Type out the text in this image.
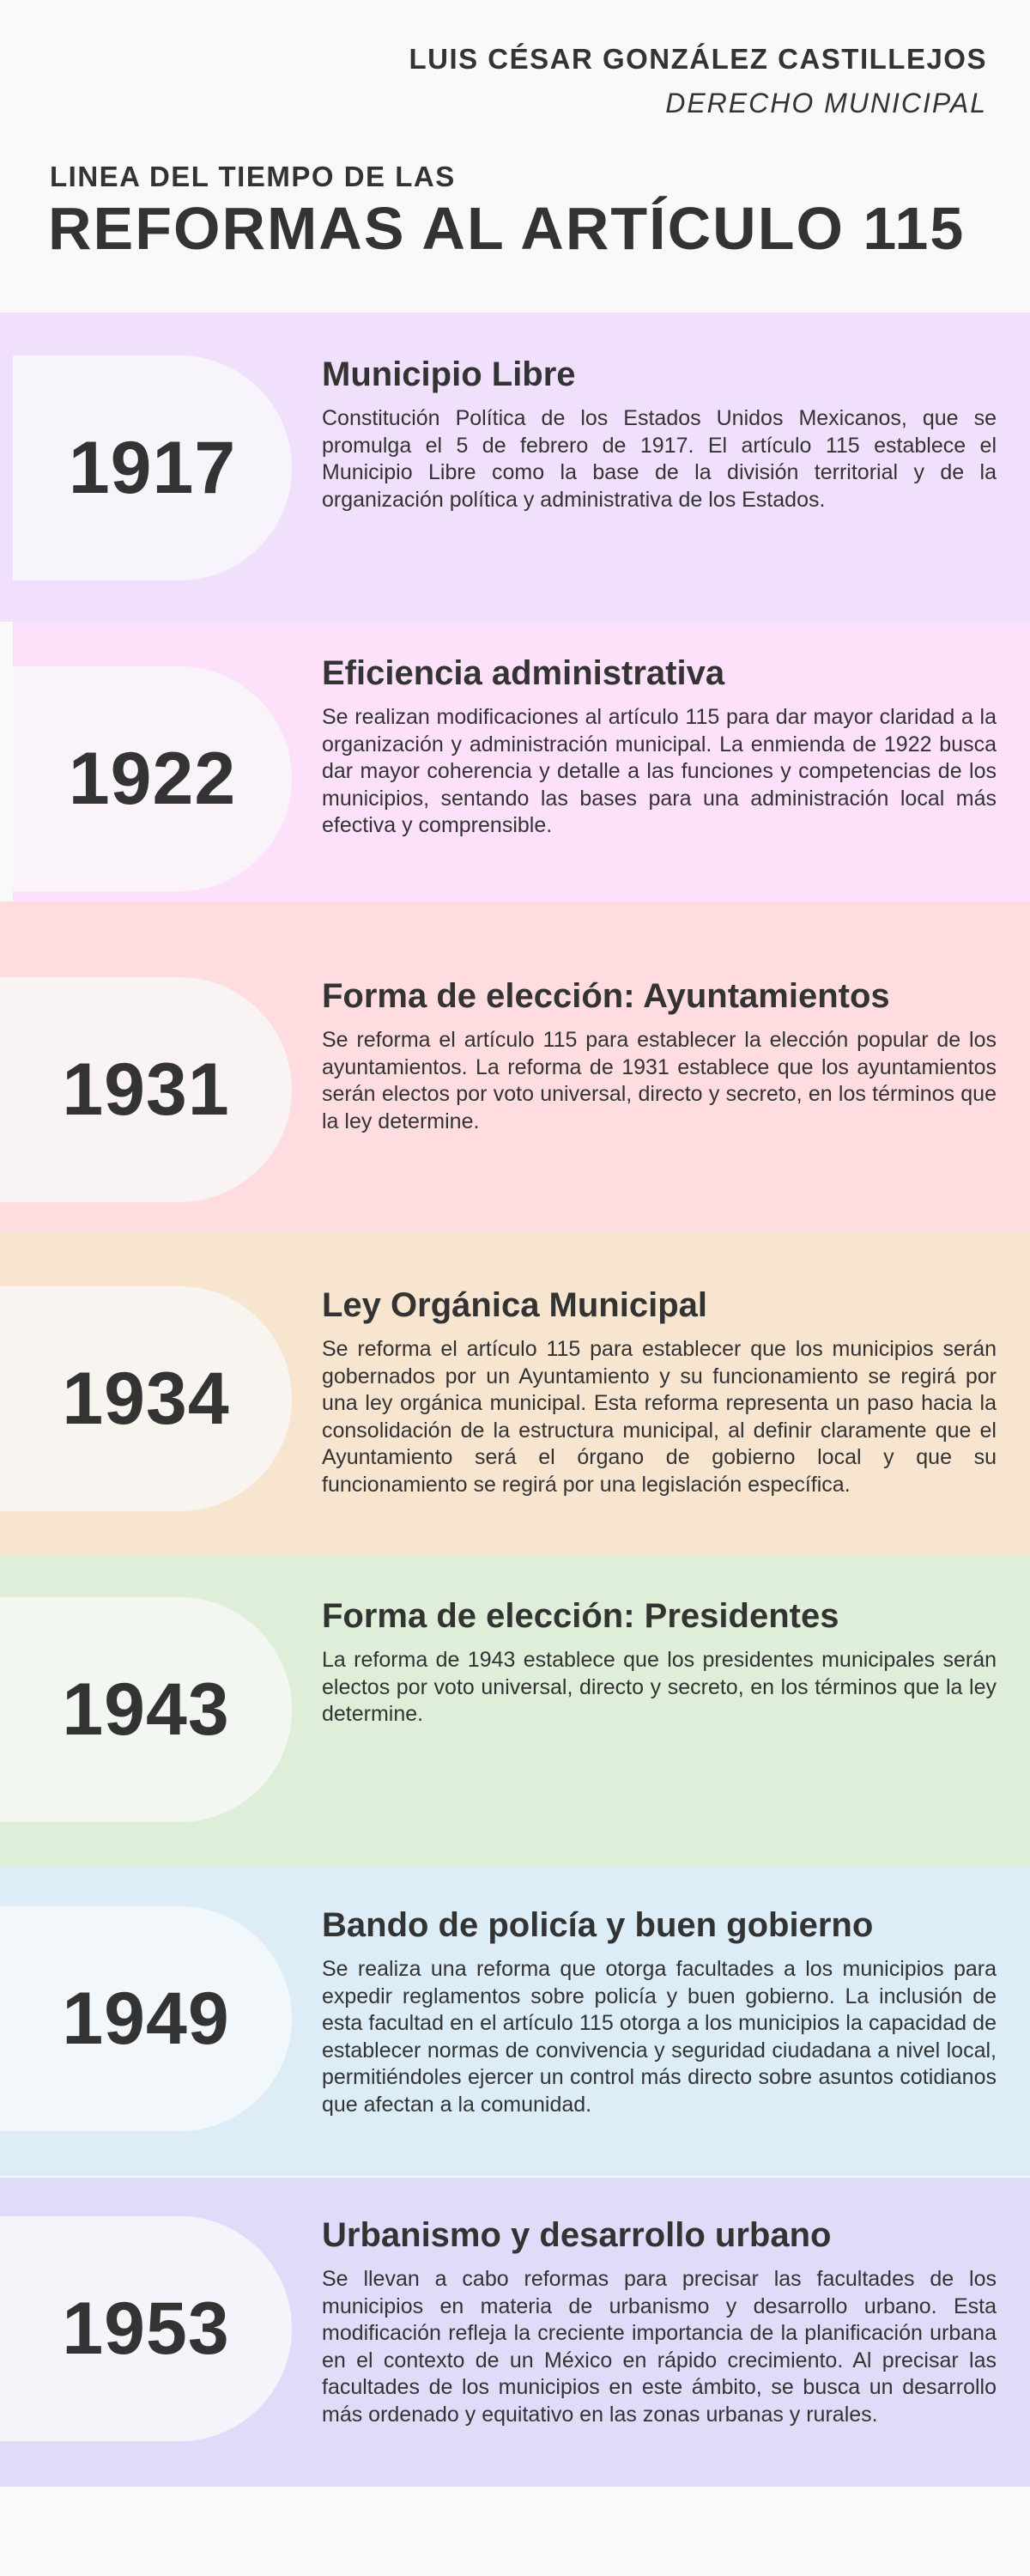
LUIS CÉSAR GONZÁLEZ CASTILLEJOS
DERECHO MUNICIPAL
LINEA DEL TIEMPO DE LAS
REFORMAS AL ARTÍCULO 115
1917
Municipio Libre

Constitución Política de los Estados Unidos Mexicanos, que se promulga el 5 de febrero de 1917. El artículo 115 establece el Municipio Libre como la base de la división territorial y de la organización política y administrativa de los Estados.

1922
Eficiencia administrativa

Se realizan modificaciones al artículo 115 para dar mayor claridad a la organización y administración municipal. La enmienda de 1922 busca dar mayor coherencia y detalle a las funciones y competencias de los municipios, sentando las bases para una administración local más efectiva y comprensible.

1931
Forma de elección: Ayuntamientos

Se reforma el artículo 115 para establecer la elección popular de los ayuntamientos. La reforma de 1931 establece que los ayuntamientos serán electos por voto universal, directo y secreto, en los términos que la ley determine.

1934
Ley Orgánica Municipal

Se reforma el artículo 115 para establecer que los municipios serán gobernados por un Ayuntamiento y su funcionamiento se regirá por una ley orgánica municipal. Esta reforma representa un paso hacia la consolidación de la estructura municipal, al definir claramente que el Ayuntamiento será el órgano de gobierno local y que su funcionamiento se regirá por una legislación específica.

1943
Forma de elección: Presidentes

La reforma de 1943 establece que los presidentes municipales serán electos por voto universal, directo y secreto, en los términos que la ley determine.

1949
Bando de policía y buen gobierno

Se realiza una reforma que otorga facultades a los municipios para expedir reglamentos sobre policía y buen gobierno. La inclusión de esta facultad en el artículo 115 otorga a los municipios la capacidad de establecer normas de convivencia y seguridad ciudadana a nivel local, permitiéndoles ejercer un control más directo sobre asuntos cotidianos que afectan a la comunidad.

1953
Urbanismo y desarrollo urbano

Se llevan a cabo reformas para precisar las facultades de los municipios en materia de urbanismo y desarrollo urbano. Esta modificación refleja la creciente importancia de la planificación urbana en el contexto de un México en rápido crecimiento. Al precisar las facultades de los municipios en este ámbito, se busca un desarrollo más ordenado y equitativo en las zonas urbanas y rurales.
